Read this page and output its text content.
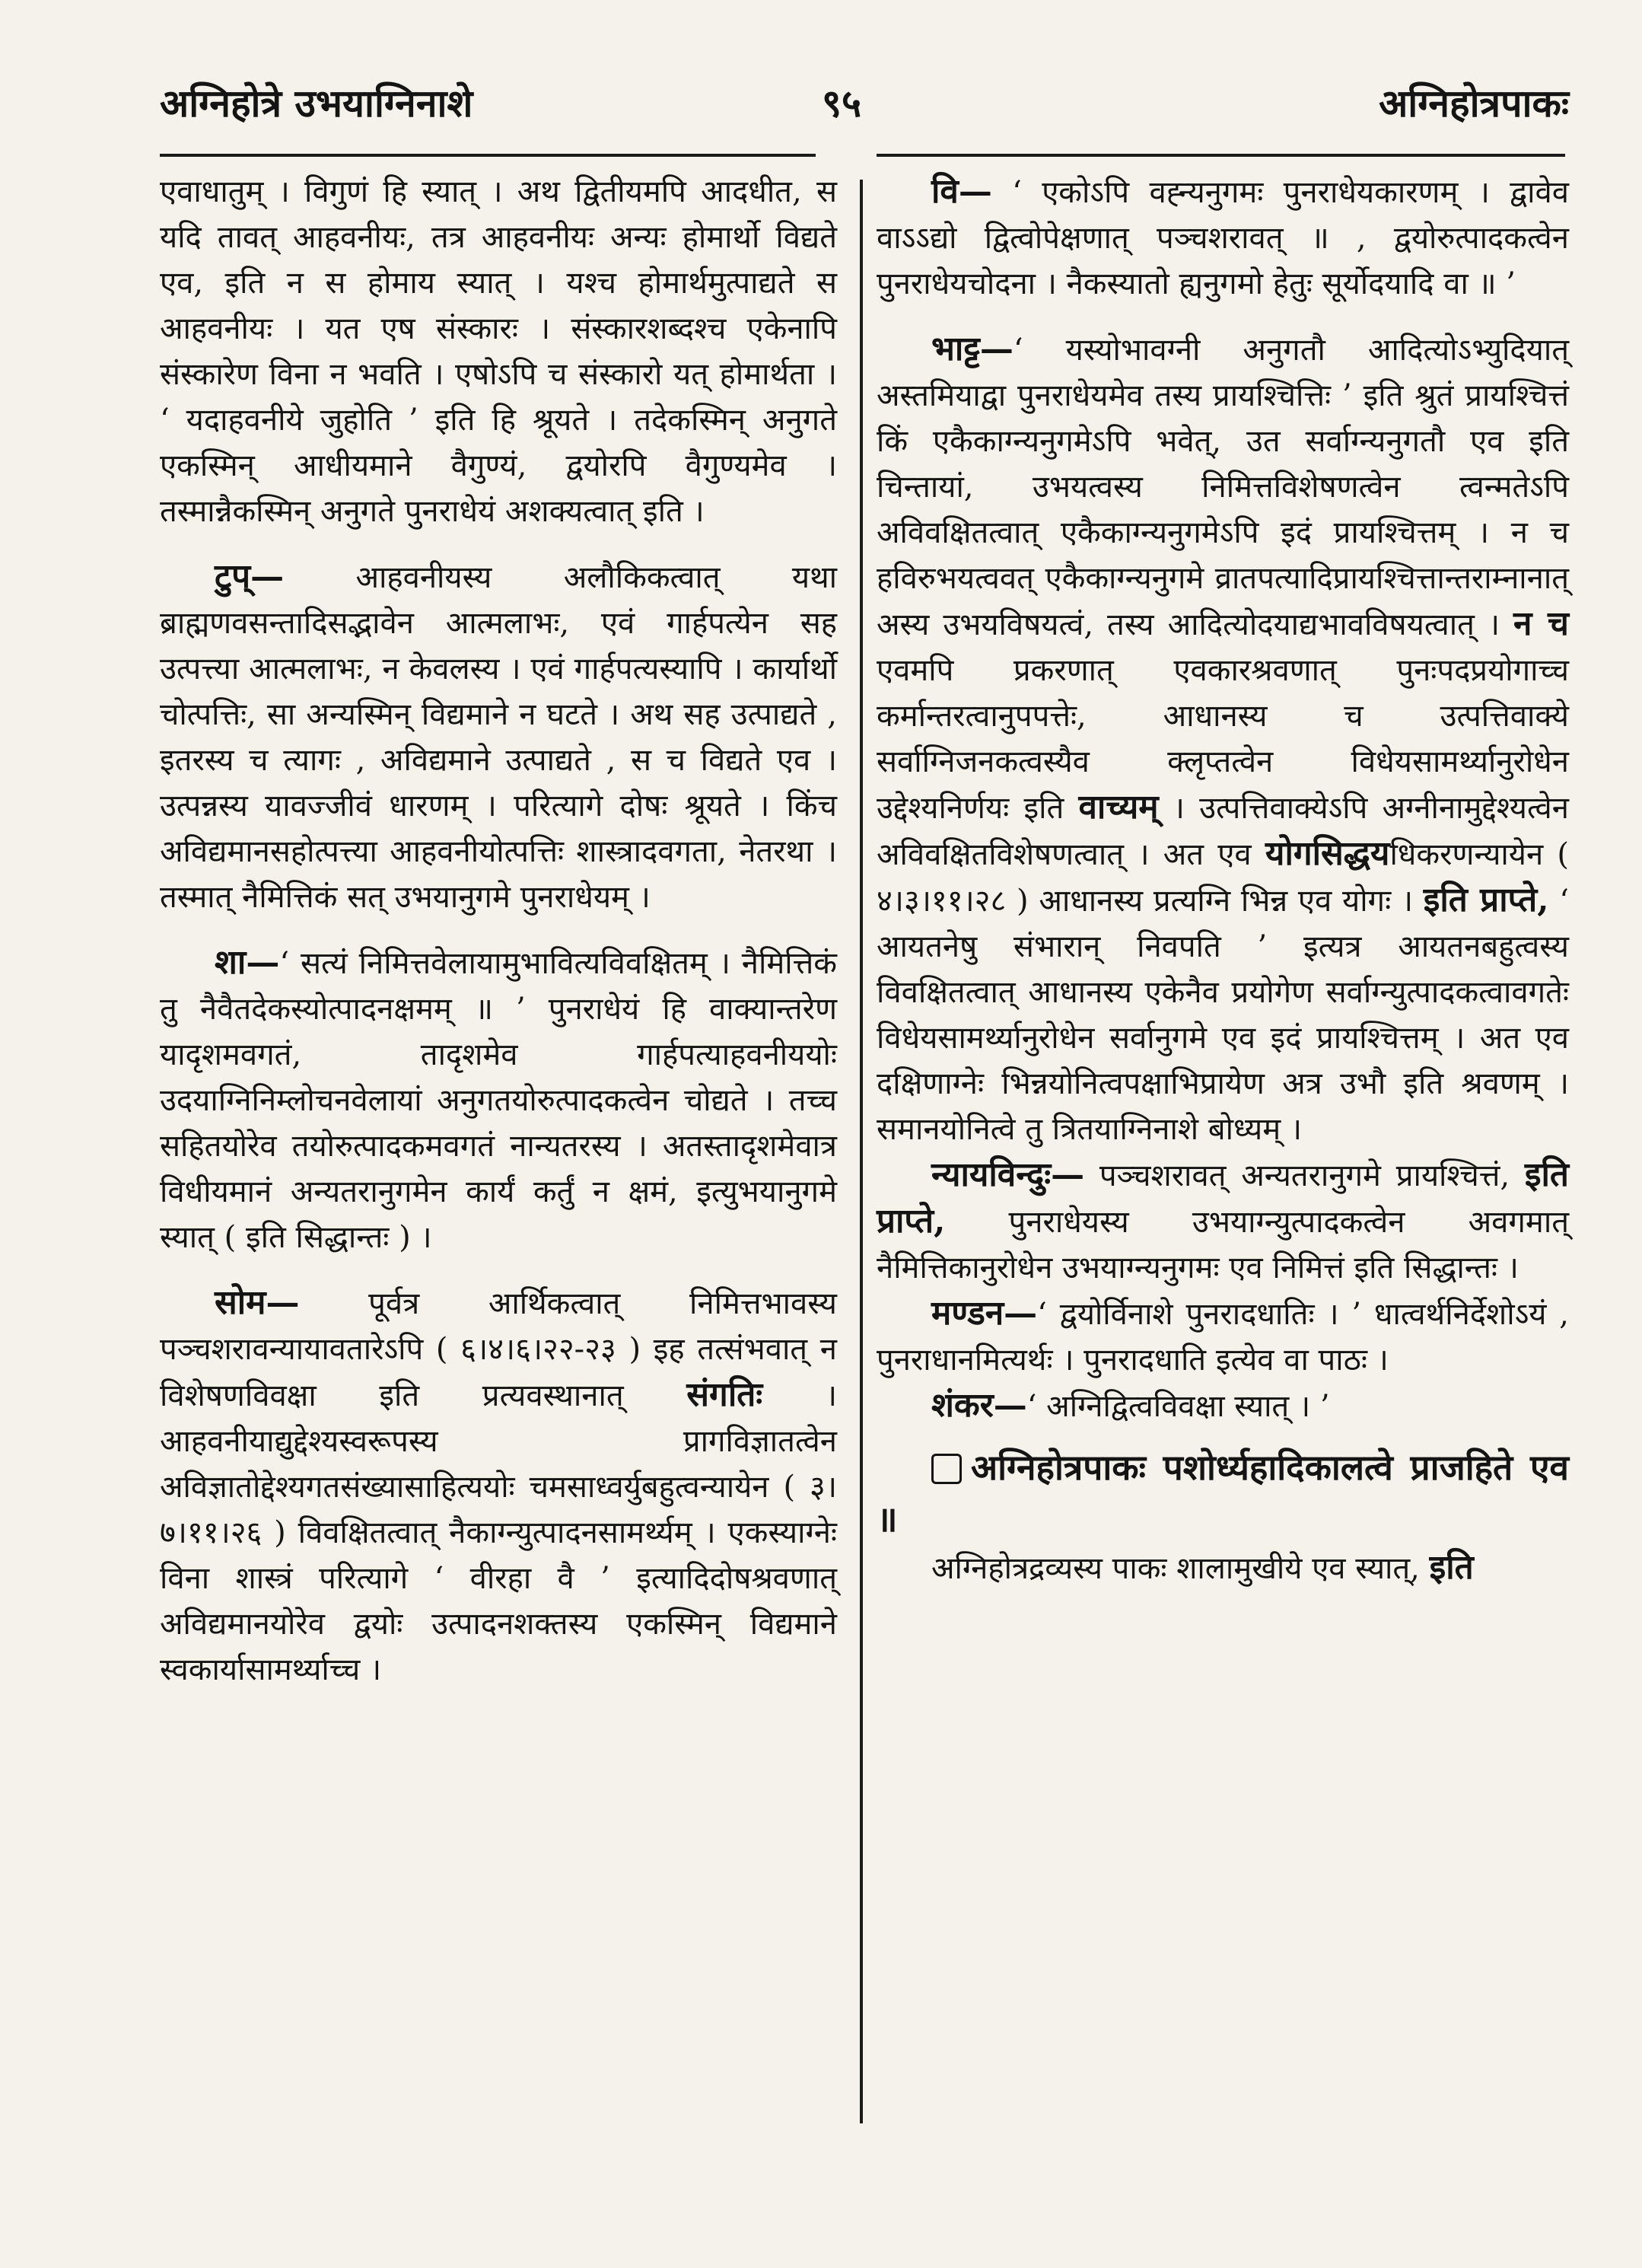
अग्निहोत्रे उभयाग्निनाशे	९५	अग्निहोत्रपाकः

एवाधातुम् । विगुणं हि स्यात् । अथ द्वितीयमपि आदधीत, स यदि तावत् आहवनीयः, तत्र आहवनीयः अन्यः होमार्थो विद्यते एव, इति न स होमाय स्यात् । यश्च होमार्थमुत्पाद्यते स आहवनीयः । यत एष संस्कारः । संस्कारशब्दश्च एकेनापि संस्कारेण विना न भवति । एषोऽपि च संस्कारो यत् होमार्थता । ‘ यदाहवनीये जुहोति ’ इति हि श्रूयते । तदेकस्मिन् अनुगते एकस्मिन् आधीयमाने वैगुण्यं, द्वयोरपि वैगुण्यमेव । तस्मान्नैकस्मिन् अनुगते पुनराधेयं अशक्यत्वात् इति ।

टुप्— आहवनीयस्य अलौकिकत्वात् यथा ब्राह्मणवसन्तादिसद्भावेन आत्मलाभः, एवं गार्हपत्येन सह उत्पत्त्या आत्मलाभः, न केवलस्य । एवं गार्हपत्यस्यापि । कार्यार्थो चोत्पत्तिः, सा अन्यस्मिन् विद्यमाने न घटते । अथ सह उत्पाद्यते , इतरस्य च त्यागः , अविद्यमाने उत्पाद्यते , स च विद्यते एव । उत्पन्नस्य यावज्जीवं धारणम् । परित्यागे दोषः श्रूयते । किंच अविद्यमानसहोत्पत्त्या आहवनीयोत्पत्तिः शास्त्रादवगता, नेतरथा । तस्मात् नैमित्तिकं सत् उभयानुगमे पुनराधेयम् ।

शा—‘ सत्यं निमित्तवेलायामुभावित्यविवक्षितम् । नैमित्तिकं तु नैवैतदेकस्योत्पादनक्षमम् ॥ ’ पुनराधेयं हि वाक्यान्तरेण यादृशमवगतं, तादृशमेव गार्हपत्याहवनीययोः उदयाग्निनिम्लोचनवेलायां अनुगतयोरुत्पादकत्वेन चोद्यते । तच्च सहितयोरेव तयोरुत्पादकमवगतं नान्यतरस्य । अतस्तादृशमेवात्र विधीयमानं अन्यतरानुगमेन कार्यं कर्तुं न क्षमं, इत्युभयानुगमे स्यात् ( इति सिद्धान्तः ) ।

सोम— पूर्वत्र आर्थिकत्वात् निमित्तभावस्य पञ्चशरावन्यायावतारेऽपि ( ६।४।६।२२-२३ ) इह तत्संभवात् न विशेषणविवक्षा इति प्रत्यवस्थानात् संगतिः । आहवनीयाद्युद्देश्यस्वरूपस्य प्रागविज्ञातत्वेन अविज्ञातोद्देश्यगतसंख्यासाहित्ययोः चमसाध्वर्युबहुत्वन्यायेन ( ३।७।११।२६ ) विवक्षितत्वात् नैकाग्न्युत्पादनसामर्थ्यम् । एकस्याग्नेः विना शास्त्रं परित्यागे ‘ वीरहा वै ’ इत्यादिदोषश्रवणात् अविद्यमानयोरेव द्वयोः उत्पादनशक्तस्य एकस्मिन् विद्यमाने स्वकार्यासामर्थ्याच्च ।

वि— ‘ एकोऽपि वह्न्यनुगमः पुनराधेयकारणम् । द्वावेव वाऽऽद्यो द्वित्वोपेक्षणात् पञ्चशरावत् ॥ , द्वयोरुत्पादकत्वेन पुनराधेयचोदना । नैकस्यातो ह्यनुगमो हेतुः सूर्योदयादि वा ॥ ’

भाट्ट—‘ यस्योभावग्नी अनुगतौ आदित्योऽभ्युदियात् अस्तमियाद्वा पुनराधेयमेव तस्य प्रायश्चित्तिः ’ इति श्रुतं प्रायश्चित्तं किं एकैकाग्न्यनुगमेऽपि भवेत्, उत सर्वाग्न्यनुगतौ एव इति चिन्तायां, उभयत्वस्य निमित्तविशेषणत्वेन त्वन्मतेऽपि अविवक्षितत्वात् एकैकाग्न्यनुगमेऽपि इदं प्रायश्चित्तम् । न च हविरुभयत्ववत् एकैकाग्न्यनुगमे व्रातपत्यादिप्रायश्चित्तान्तराम्नानात् अस्य उभयविषयत्वं, तस्य आदित्योदयाद्यभावविषयत्वात् । न च एवमपि प्रकरणात् एवकारश्रवणात् पुनःपदप्रयोगाच्च कर्मान्तरत्वानुपपत्तेः, आधानस्य च उत्पत्तिवाक्ये सर्वाग्निजनकत्वस्यैव क्लृप्तत्वेन विधेयसामर्थ्यानुरोधेन उद्देश्यनिर्णयः इति वाच्यम् । उत्पत्तिवाक्येऽपि अग्नीनामुद्देश्यत्वेन अविवक्षितविशेषणत्वात् । अत एव योगसिद्धयधिकरणन्यायेन ( ४।३।११।२८ ) आधानस्य प्रत्यग्नि भिन्न एव योगः । इति प्राप्ते, ‘ आयतनेषु संभारान् निवपति ’ इत्यत्र आयतनबहुत्वस्य विवक्षितत्वात् आधानस्य एकेनैव प्रयोगेण सर्वाग्न्युत्पादकत्वावगतेः विधेयसामर्थ्यानुरोधेन सर्वानुगमे एव इदं प्रायश्चित्तम् । अत एव दक्षिणाग्नेः भिन्नयोनित्वपक्षाभिप्रायेण अत्र उभौ इति श्रवणम् । समानयोनित्वे तु त्रितयाग्निनाशे बोध्यम् ।

न्यायविन्दुः— पञ्चशरावत् अन्यतरानुगमे प्रायश्चित्तं, इति प्राप्ते, पुनराधेयस्य उभयाग्न्युत्पादकत्वेन अवगमात् नैमित्तिकानुरोधेन उभयाग्न्यनुगमः एव निमित्तं इति सिद्धान्तः ।

मण्डन—‘ द्वयोर्विनाशे पुनरादधातिः । ’ धात्वर्थनिर्देशोऽयं , पुनराधानमित्यर्थः । पुनरादधाति इत्येव वा पाठः ।

शंकर—‘ अग्निद्वित्वविवक्षा स्यात् । ’

अग्निहोत्रपाकः पशोर्ध्यहादिकालत्वे प्राजहिते एव ॥

अग्निहोत्रद्रव्यस्य पाकः शालामुखीये एव स्यात्, इति
